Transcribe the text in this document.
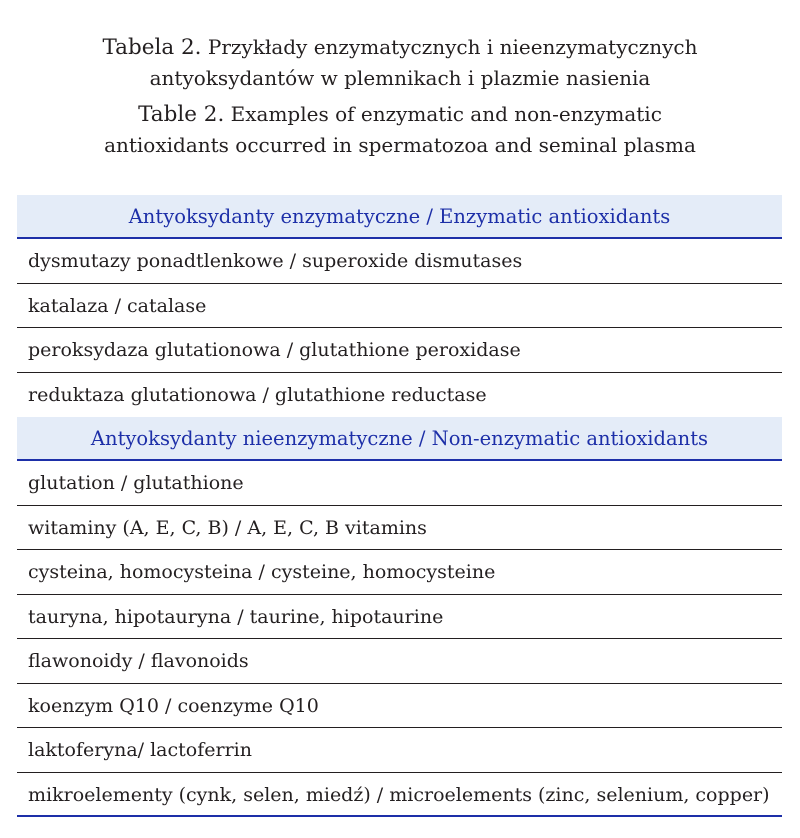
Tabela 2. Przykłady enzymatycznych i nieenzymatycznych
antyoksydantów w plemnikach i plazmie nasienia

Table 2. Examples of enzymatic and non-enzymatic
antioxidants occurred in spermatozoa and seminal plasma

Antyoksydanty enzymatyczne / Enzymatic antioxidants
dysmutazy ponadtlenkowe / superoxide dismutases
katalaza / catalase
peroksydaza glutationowa / glutathione peroxidase
reduktaza glutationowa / glutathione reductase
Antyoksydanty nieenzymatyczne / Non-enzymatic antioxidants
glutation / glutathione
witaminy (A, E, C, B) / A, E, C, B vitamins
cysteina, homocysteina / cysteine, homocysteine
tauryna, hipotauryna / taurine, hipotaurine
flawonoidy / flavonoids
koenzym Q10 / coenzyme Q10
laktoferyna/ lactoferrin
mikroelementy (cynk, selen, miedź) / microelements (zinc, selenium, copper)
